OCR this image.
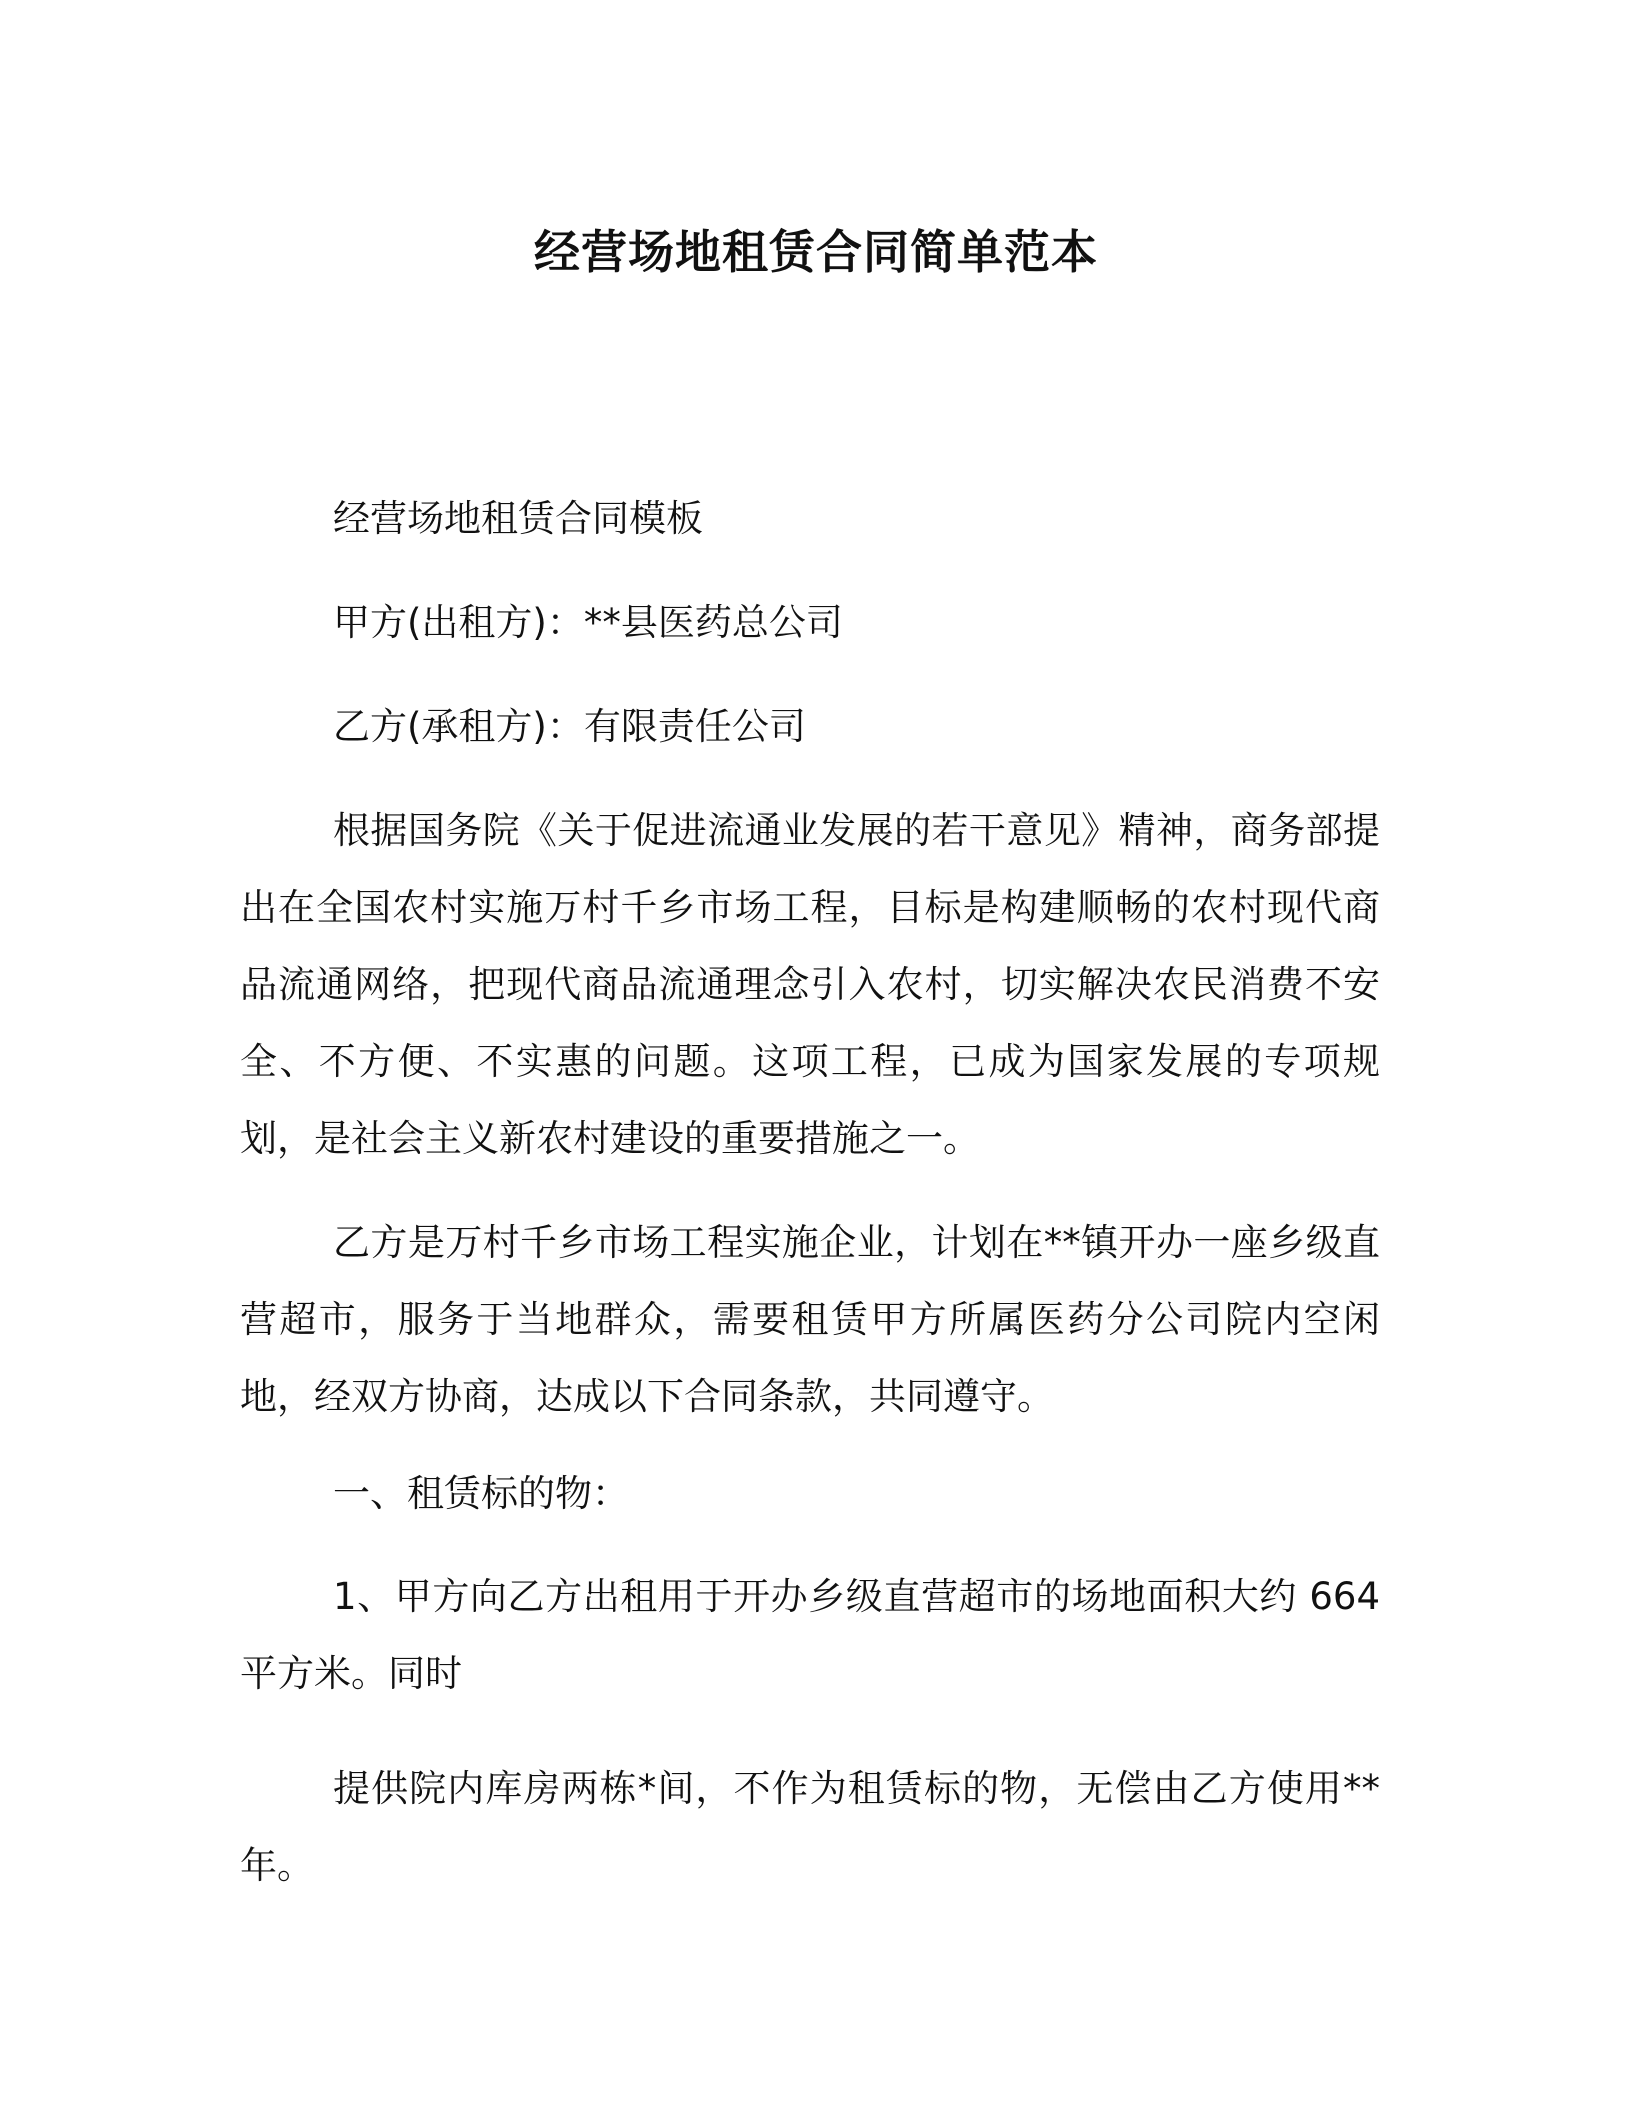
经营场地租赁合同简单范本

经营场地租赁合同模板

甲方(出租方)：**县医药总公司

乙方(承租方)：有限责任公司

根据国务院《关于促进流通业发展的若干意见》精神，商务部提出在全国农村实施万村千乡市场工程，目标是构建顺畅的农村现代商品流通网络，把现代商品流通理念引入农村，切实解决农民消费不安全、不方便、不实惠的问题。这项工程，已成为国家发展的专项规划，是社会主义新农村建设的重要措施之一。

乙方是万村千乡市场工程实施企业，计划在**镇开办一座乡级直营超市，服务于当地群众，需要租赁甲方所属医药分公司院内空闲地，经双方协商，达成以下合同条款，共同遵守。

一、租赁标的物：

1、甲方向乙方出租用于开办乡级直营超市的场地面积大约 664 平方米。同时

提供院内库房两栋*间，不作为租赁标的物，无偿由乙方使用**年。
